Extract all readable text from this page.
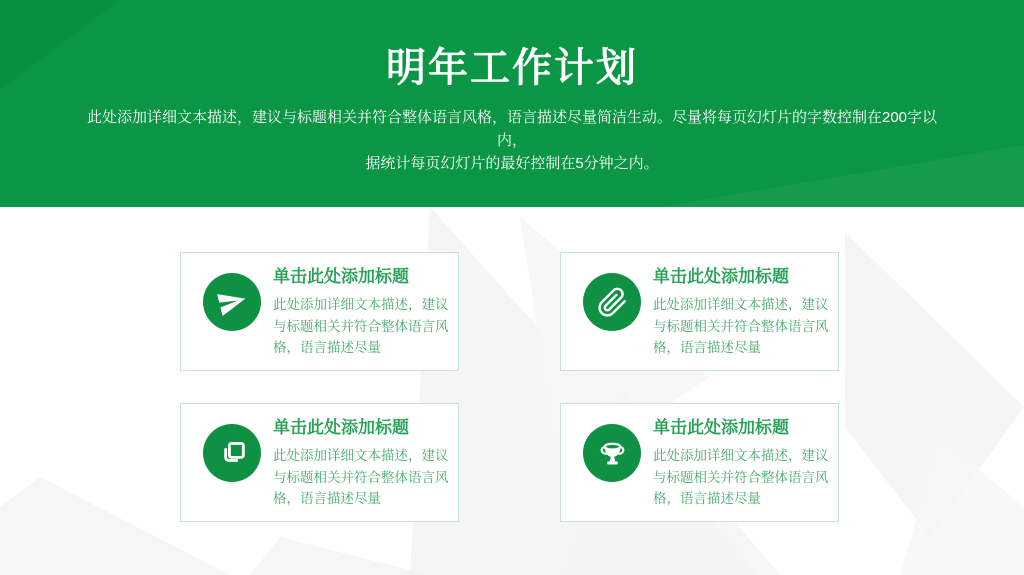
明年工作计划
此处添加详细文本描述，建议与标题相关并符合整体语言风格，语言描述尽量简洁生动。尽量将每页幻灯片的字数控制在200字以内，
据统计每页幻灯片的最好控制在5分钟之内。
单击此处添加标题
此处添加详细文本描述，建议与标题相关并符合整体语言风格，语言描述尽量
单击此处添加标题
此处添加详细文本描述，建议与标题相关并符合整体语言风格，语言描述尽量
单击此处添加标题
此处添加详细文本描述，建议与标题相关并符合整体语言风格，语言描述尽量
单击此处添加标题
此处添加详细文本描述，建议与标题相关并符合整体语言风格，语言描述尽量
